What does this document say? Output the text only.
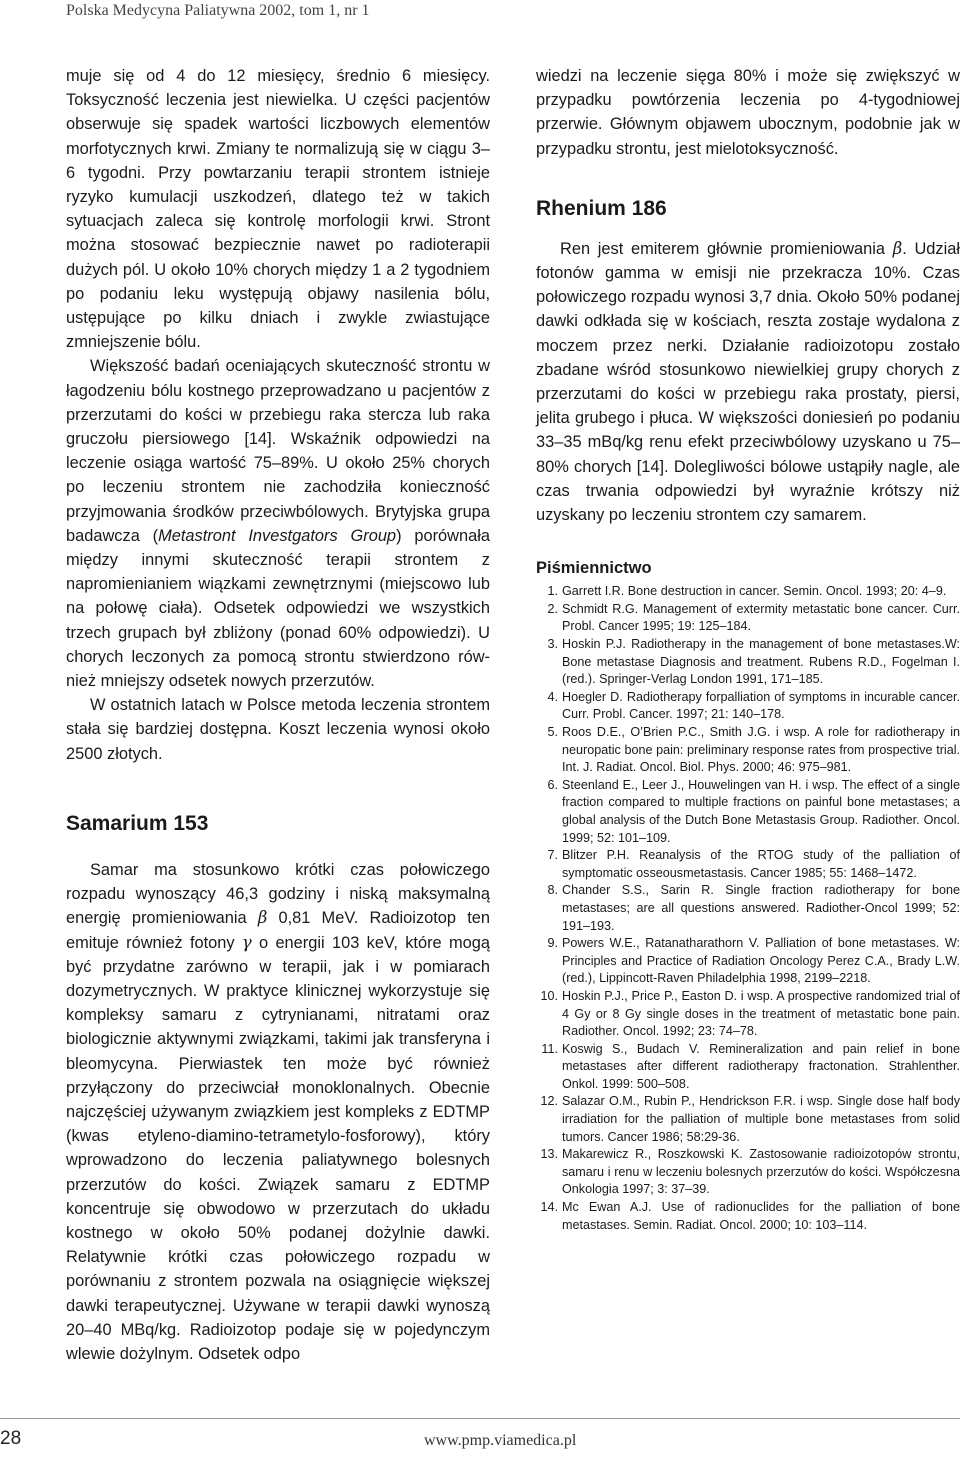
Polska Medycyna Paliatywna 2002, tom 1, nr 1

muje się od 4 do 12 miesięcy, średnio 6 miesięcy. Toksyczność leczenia jest niewielka. U części pacjentów obserwuje się spadek wartości liczbowych elementów morfotycznych krwi. Zmiany te normalizują się w ciągu 3–6 tygodni. Przy powtarzaniu terapii strontem istnieje ryzyko kumulacji uszkodzeń, dlatego też w takich sytuacjach zaleca się kontrolę morfologii krwi. Stront można stosować bezpiecznie nawet po radioterapii dużych pól. U około 10% chorych między 1 a 2 tygodniem po podaniu leku występują objawy nasilenia bólu, ustępujące po kilku dniach i zwykle zwiastujące zmniejszenie bólu.

Większość badań oceniających skuteczność strontu w łagodzeniu bólu kostnego przeprowadzano u pacjentów z przerzutami do kości w przebiegu raka stercza lub raka gruczołu piersiowego [14]. Wskaźnik odpowiedzi na leczenie osiąga wartość 75–89%. U około 25% chorych po leczeniu strontem nie zachodziła konieczność przyjmowania środków przeciwbólowych. Brytyjska grupa badawcza (Metastront Investgators Group) porównała między innymi skuteczność terapii strontem z napromienianiem wiązkami zewnętrznymi (miejscowo lub na połowę ciała). Odsetek odpowiedzi we wszystkich trzech grupach był zbliżony (ponad 60% odpowiedzi). U chorych leczonych za pomocą strontu stwierdzono również mniejszy odsetek nowych przerzutów.

W ostatnich latach w Polsce metoda leczenia strontem stała się bardziej dostępna. Koszt leczenia wynosi około 2500 złotych.

Samarium 153

Samar ma stosunkowo krótki czas połowiczego rozpadu wynoszący 46,3 godziny i niską maksymalną energię promieniowania β 0,81 MeV. Radioizotop ten emituje również fotony γ o energii 103 keV, które mogą być przydatne zarówno w terapii, jak i w pomiarach dozymetrycznych. W praktyce klinicznej wykorzystuje się kompleksy samaru z cytrynianami, nitratami oraz biologicznie aktywnymi związkami, takimi jak transferyna i bleomycyna. Pierwiastek ten może być również przyłączony do przeciwciał monoklonalnych. Obecnie najczęściej używanym związkiem jest kompleks z EDTMP (kwas etyleno-diamino-tetrametylo-fosforowy), który wprowadzono do leczenia paliatywnego bolesnych przerzutów do kości. Związek samaru z EDTMP koncentruje się obwodowo w przerzutach do układu kostnego w około 50% podanej dożylnie dawki. Relatywnie krótki czas połowiczego rozpadu w porównaniu z strontem pozwala na osiągnięcie większej dawki terapeutycznej. Używane w terapii dawki wynoszą 20–40 MBq/kg. Radioizotop podaje się w pojedynczym wlewie dożylnym. Odsetek odpo

wiedzi na leczenie sięga 80% i może się zwiększyć w przypadku powtórzenia leczenia po 4-tygodniowej przerwie. Głównym objawem ubocznym, podobnie jak w przypadku strontu, jest mielotoksyczność.

Rhenium 186

Ren jest emiterem głównie promieniowania β. Udział fotonów gamma w emisji nie przekracza 10%. Czas połowiczego rozpadu wynosi 3,7 dnia. Około 50% podanej dawki odkłada się w kościach, reszta zostaje wydalona z moczem przez nerki. Działanie radioizotopu zostało zbadane wśród stosunkowo niewielkiej grupy chorych z przerzutami do kości w przebiegu raka prostaty, piersi, jelita grubego i płuca. W większości doniesień po podaniu 33–35 mBq/kg renu efekt przeciwbólowy uzyskano u 75–80% chorych [14]. Dolegliwości bólowe ustąpiły nagle, ale czas trwania odpowiedzi był wyraźnie krótszy niż uzyskany po leczeniu strontem czy samarem.

Piśmiennictwo
1. Garrett I.R. Bone destruction in cancer. Semin. Oncol. 1993; 20: 4–9.
2. Schmidt R.G. Management of extermity metastatic bone cancer. Curr. Probl. Cancer 1995; 19: 125–184.
3. Hoskin P.J. Radiotherapy in the management of bone metastases.W: Bone metastase Diagnosis and treatment. Rubens R.D., Fogelman I. (red.). Springer-Verlag London 1991, 171–185.
4. Hoegler D. Radiotherapy forpalliation of symptoms in incurable cancer. Curr. Probl. Cancer. 1997; 21: 140–178.
5. Roos D.E., O’Brien P.C., Smith J.G. i wsp. A role for radiotherapy in neuropatic bone pain: preliminary response rates from prospective trial. Int. J. Radiat. Oncol. Biol. Phys. 2000; 46: 975–981.
6. Steenland E., Leer J., Houwelingen van H. i wsp. The effect of a single fraction compared to multiple fractions on painful bone metastases; a global analysis of the Dutch Bone Metastasis Group. Radiother. Oncol. 1999; 52: 101–109.
7. Blitzer P.H. Reanalysis of the RTOG study of the palliation of symptomatic osseousmetastasis. Cancer 1985; 55: 1468–1472.
8. Chander S.S., Sarin R. Single fraction radiotherapy for bone metastases; are all questions answered. Radiother-Oncol 1999; 52: 191–193.
9. Powers W.E., Ratanatharathorn V. Palliation of bone metastases. W: Principles and Practice of Radiation Oncology Perez C.A., Brady L.W. (red.), Lippincott-Raven Philadelphia 1998, 2199–2218.
10. Hoskin P.J., Price P., Easton D. i wsp. A prospective randomized trial of 4 Gy or 8 Gy single doses in the treatment of metastatic bone pain. Radiother. Oncol. 1992; 23: 74–78.
11. Koswig S., Budach V. Remineralization and pain relief in bone metastases after different radiotherapy fractonation. Strahlenther. Onkol. 1999: 500–508.
12. Salazar O.M., Rubin P., Hendrickson F.R. i wsp. Single dose half body irradiation for the palliation of multiple bone metastases from solid tumors. Cancer 1986; 58:29-36.
13. Makarewicz R., Roszkowski K. Zastosowanie radioizotopów strontu, samaru i renu w leczeniu bolesnych przerzutów do kości. Współczesna Onkologia 1997; 3: 37–39.
14. Mc Ewan A.J. Use of radionuclides for the palliation of bone metastases. Semin. Radiat. Oncol. 2000; 10: 103–114.
28	www.pmp.viamedica.pl
